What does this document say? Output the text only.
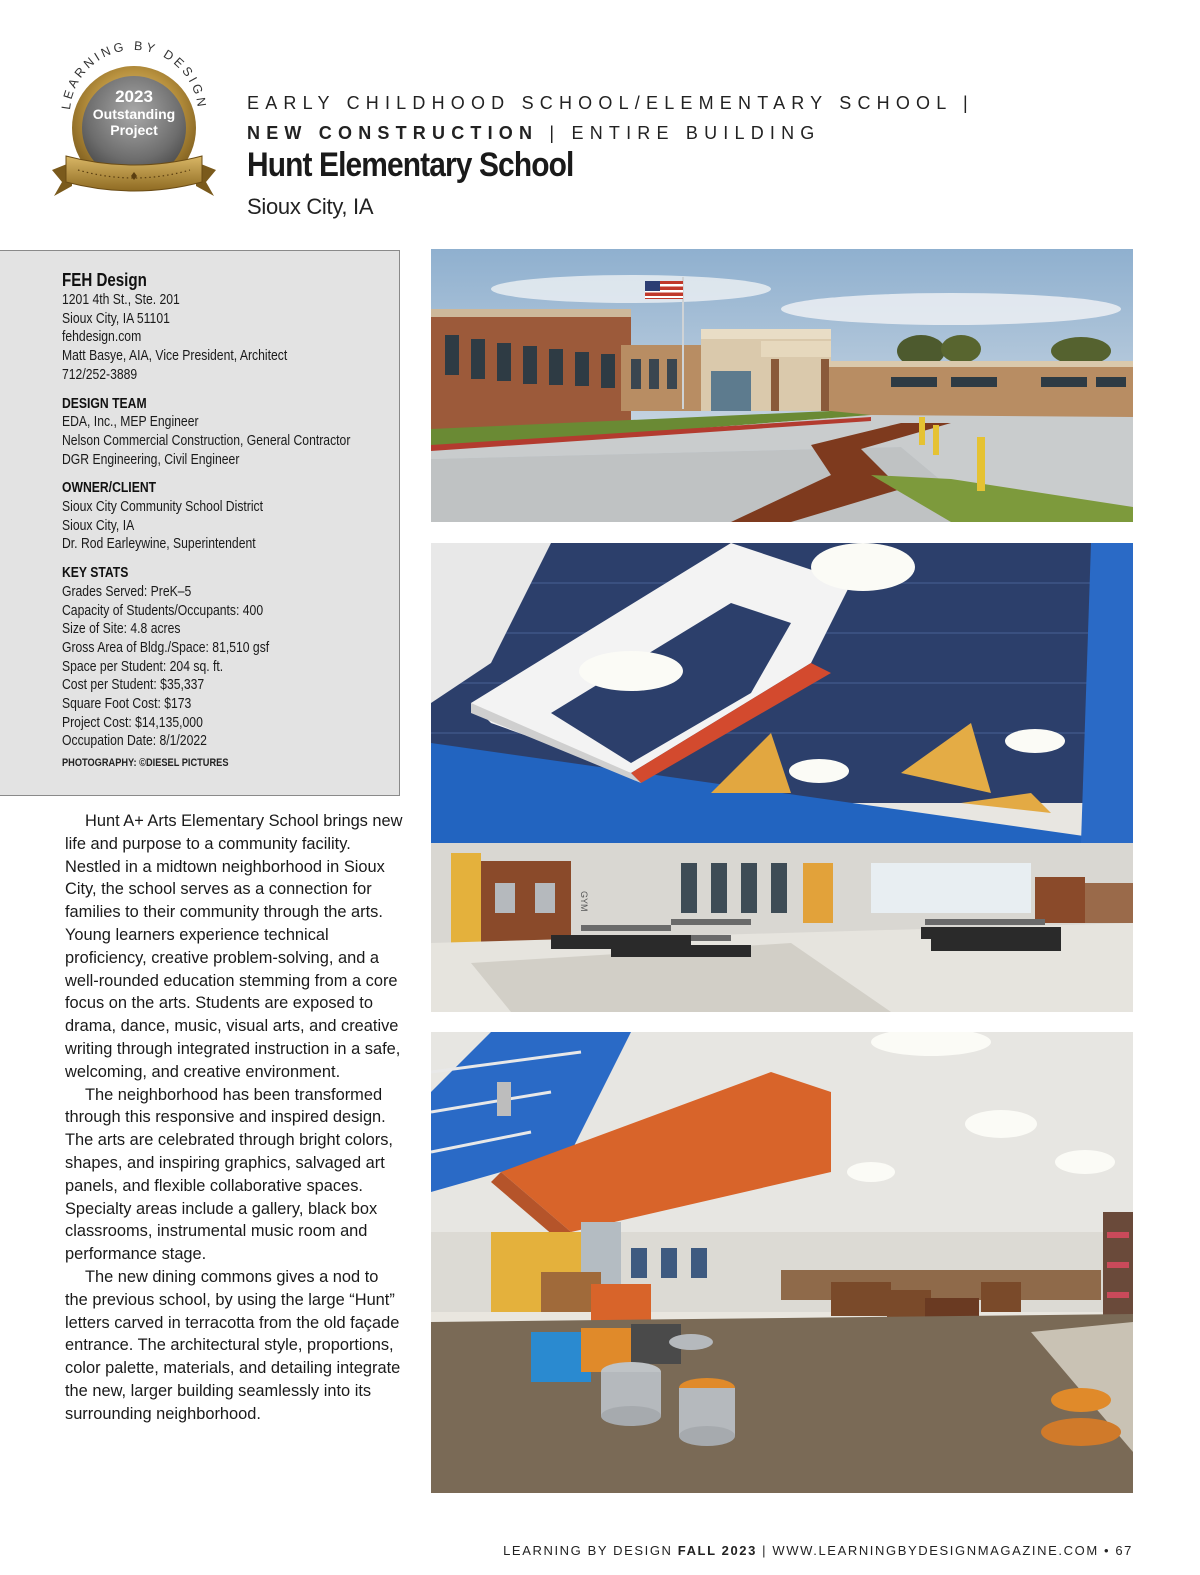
LEARNING BY DESIGN
2023
Outstanding
Project
EARLY CHILDHOOD SCHOOL/ELEMENTARY SCHOOL |
NEW CONSTRUCTION | ENTIRE BUILDING
Hunt Elementary School
Sioux City, IA
FEH Design
1201 4th St., Ste. 201
Sioux City, IA 51101
fehdesign.com
Matt Basye, AIA, Vice President, Architect
712/252-3889
DESIGN TEAM
EDA, Inc., MEP Engineer
Nelson Commercial Construction, General Contractor
DGR Engineering, Civil Engineer
OWNER/CLIENT
Sioux City Community School District
Sioux City, IA
Dr. Rod Earleywine, Superintendent
KEY STATS
Grades Served: PreK–5
Capacity of Students/Occupants: 400
Size of Site: 4.8 acres
Gross Area of Bldg./Space: 81,510 gsf
Space per Student: 204 sq. ft.
Cost per Student: $35,337
Square Foot Cost: $173
Project Cost: $14,135,000
Occupation Date: 8/1/2022
PHOTOGRAPHY: ©DIESEL PICTURES

Hunt A+ Arts Elementary School brings new life and purpose to a community facility. Nestled in a midtown neighborhood in Sioux City, the school serves as a connection for families to their community through the arts. Young learners experience technical proficiency, creative problem-solving, and a well-rounded education stemming from a core focus on the arts. Students are exposed to drama, dance, music, visual arts, and creative writing through integrated instruction in a safe, welcoming, and creative environment.

The neighborhood has been transformed through this responsive and inspired design. The arts are celebrated through bright colors, shapes, and inspiring graphics, salvaged art panels, and flexible collaborative spaces. Specialty areas include a gallery, black box classrooms, instrumental music room and performance stage.

The new dining commons gives a nod to the previous school, by using the large “Hunt” letters carved in terracotta from the old façade entrance. The architectural style, proportions, color palette, materials, and detailing integrate the new, larger building seamlessly into its surrounding neighborhood.

GYM
LEARNING BY DESIGN FALL 2023 | WWW.LEARNINGBYDESIGNMAGAZINE.COM • 67
